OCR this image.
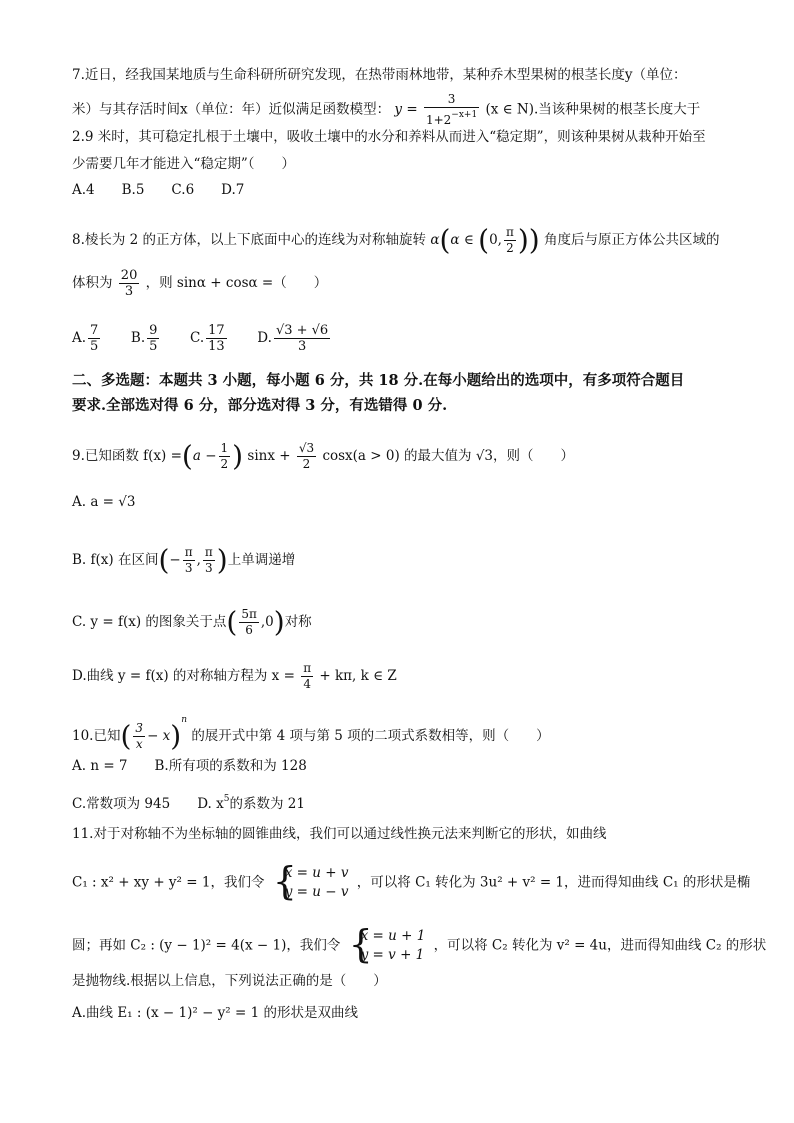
7.近日，经我国某地质与生命科研所研究发现，在热带雨林地带，某种乔木型果树的根茎长度y（单位：
米）与其存活时间x（单位：年）近似满足函数模型： $y = \frac{3}{1+2^{-x+1}} (x$ ∈ N).当该种果树的根茎长度大于
2.9 米时，其可稳定扎根于土壤中，吸收土壤中的水分和养料从而进入“稳定期”，则该种果树从栽种开始至
少需要几年才能进入“稳定期”（　　）
A.4　　B.5　　C.6　　D.7
8.棱长为 2 的正方体，以上下底面中心的连线为对称轴旋转 α(α ∈ (0, $\frac{\pi}{2}$ )) 角度后与原正方体公共区域的
体积为 $\frac{20}{3}$ ，则 sinα + cosα =（　　）
A. $\frac{7}{5} B$. $\frac{9}{5} C$. $\frac{17}{13} D$. $\frac{√3 + √6}{3}$
二、多选题：本题共 3 小题，每小题 6 分，共 18 分.在每小题给出的选项中，有多项符合题目
要求.全部选对得 6 分，部分选对得 3 分，有选错得 0 分.
9.已知函数 $f(x) =(a - \frac{1}{2}$ ) $\sin x + \frac{√3}{2} \cos x(a > 0)$ 的最大值为 √3，则（　　）
A. a = √3
B. f(x) 在区间(− $\frac{\pi}{3}$ , $\frac{\pi}{3}$ )上单调递增
C. y = f(x) 的图象关于点( $\frac{5\pi}{6} ,0$)对称
D.曲线 y = f(x) 的对称轴方程为 $x = \frac{\pi}{4} + k\pi$, k ∈ Z
10.已知( $\frac{3}{x} - x)^n$ 的展开式中第 4 项与第 5 项的二项式系数相等，则（　　）
A. n = 7　　B.所有项的系数和为 128
C.常数项为 945　　D. $x^5$的系数为 21
11.对于对称轴不为坐标轴的圆锥曲线，我们可以通过线性换元法来判断它的形状，如曲线
C₁ : x² + xy + y² = 1，我们令 {
x = u + v
y = u − v
，可以将 C₁ 转化为 3u² + v² = 1，进而得知曲线 C₁ 的形状是椭
圆；再如 C₂ : (y − 1)² = 4(x − 1)，我们令 {
x = u + 1
y = v + 1
，可以将 C₂ 转化为 v² = 4u，进而得知曲线 C₂ 的形状
是抛物线.根据以上信息，下列说法正确的是（　　）
A.曲线 E₁ : (x − 1)² − y² = 1 的形状是双曲线
